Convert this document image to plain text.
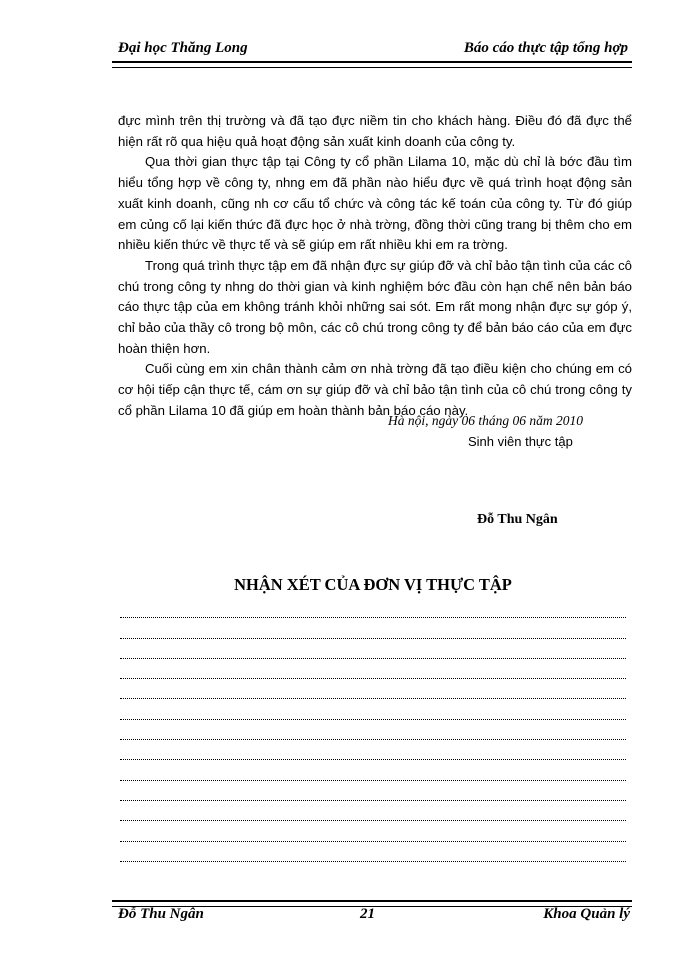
Đại học Thăng Long	Báo cáo thực tập tổng hợp

đực mình trên thị trường và đã tạo đực niềm tin cho khách hàng. Điều đó đã đực thể hiện rất rõ qua hiệu quả hoạt động sản xuất kinh doanh của công ty.

Qua thời gian thực tập tại Công ty cổ phần Lilama 10, mặc dù chỉ là bớc đầu tìm hiểu tổng hợp về công ty, nhng em đã phần nào hiểu đực về quá trình hoạt động sản xuất kinh doanh, cũng nh cơ cấu tổ chức và công tác kế toán của công ty. Từ đó giúp em củng cố lại kiến thức đã đực học ở nhà trờng, đồng thời cũng trang bị thêm cho em nhiều kiến thức về thực tế và sẽ giúp em rất nhiều khi em ra trờng.

Trong quá trình thực tập em đã nhận đực sự giúp đỡ và chỉ bảo tận tình của các cô chú trong công ty nhng do thời gian và kinh nghiệm bớc đầu còn hạn chế nên bản báo cáo thực tập của em không tránh khỏi những sai sót. Em rất mong nhận đực sự góp ý, chỉ bảo của thầy cô trong bộ môn, các cô chú trong công ty để bản báo cáo của em đực hoàn thiện hơn.

Cuối cùng em xin chân thành cảm ơn nhà trờng đã tạo điều kiện cho chúng em có cơ hội tiếp cận thực tế, cám ơn sự giúp đỡ và chỉ bảo tận tình của cô chú trong công ty cổ phần Lilama 10 đã giúp em hoàn thành bản báo cáo này.

Hà nội, ngày 06 tháng 06 năm 2010
Sinh viên thực tập
Đỗ Thu Ngân
NHẬN XÉT CỦA ĐƠN VỊ THỰC TẬP
Đỗ Thu Ngân	21	Khoa Quản lý
